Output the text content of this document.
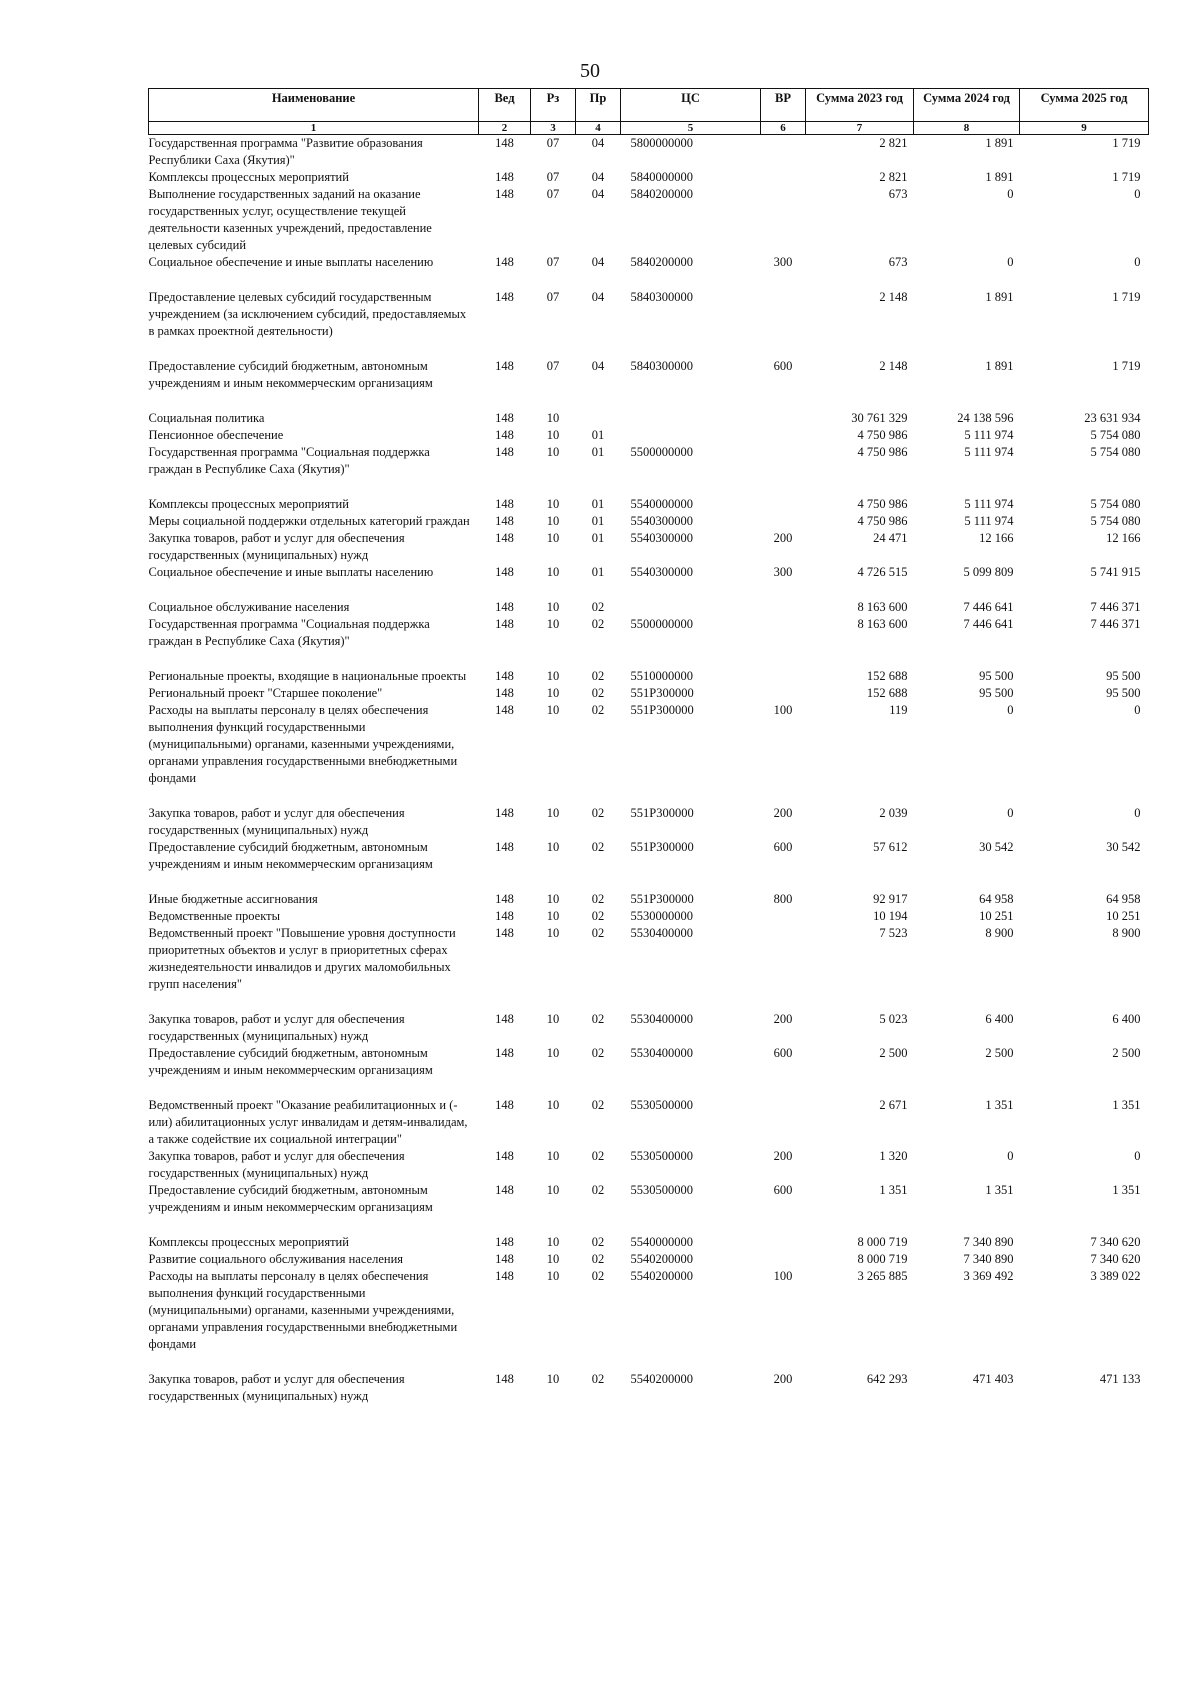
50
Наименование	Вед	Рз	Пр	ЦС	ВР	Сумма 2023 год	Сумма 2024 год	Сумма 2025 год
1	2	3	4	5	6	7	8	9
Государственная программа "Развитие образования Республики Саха (Якутия)"	148	07	04	5800000000		2 821	1 891	1 719
Комплексы процессных мероприятий	148	07	04	5840000000		2 821	1 891	1 719
Выполнение государственных заданий на оказание государственных услуг, осуществление текущей деятельности казенных учреждений, предоставление целевых субсидий	148	07	04	5840200000		673	0	0
Социальное обеспечение и иные выплаты населению	148	07	04	5840200000	300	673	0	0

Предоставление целевых субсидий государственным учреждением (за исключением субсидий, предоставляемых в рамках проектной деятельности)	148	07	04	5840300000		2 148	1 891	1 719

Предоставление субсидий бюджетным, автономным учреждениям и иным некоммерческим организациям	148	07	04	5840300000	600	2 148	1 891	1 719

Социальная политика	148	10				30 761 329	24 138 596	23 631 934
Пенсионное обеспечение	148	10	01			4 750 986	5 111 974	5 754 080
Государственная программа "Социальная поддержка граждан в Республике Саха (Якутия)"	148	10	01	5500000000		4 750 986	5 111 974	5 754 080

Комплексы процессных мероприятий	148	10	01	5540000000		4 750 986	5 111 974	5 754 080
Меры социальной поддержки отдельных категорий граждан	148	10	01	5540300000		4 750 986	5 111 974	5 754 080
Закупка товаров, работ и услуг для обеспечения государственных (муниципальных) нужд	148	10	01	5540300000	200	24 471	12 166	12 166
Социальное обеспечение и иные выплаты населению	148	10	01	5540300000	300	4 726 515	5 099 809	5 741 915

Социальное обслуживание населения	148	10	02			8 163 600	7 446 641	7 446 371
Государственная программа "Социальная поддержка граждан в Республике Саха (Якутия)"	148	10	02	5500000000		8 163 600	7 446 641	7 446 371

Региональные проекты, входящие в национальные проекты	148	10	02	5510000000		152 688	95 500	95 500
Региональный проект "Старшее поколение"	148	10	02	551P300000		152 688	95 500	95 500
Расходы на выплаты персоналу в целях обеспечения выполнения функций государственными (муниципальными) органами, казенными учреждениями, органами управления государственными внебюджетными фондами	148	10	02	551P300000	100	119	0	0

Закупка товаров, работ и услуг для обеспечения государственных (муниципальных) нужд	148	10	02	551P300000	200	2 039	0	0
Предоставление субсидий бюджетным, автономным учреждениям и иным некоммерческим организациям	148	10	02	551P300000	600	57 612	30 542	30 542

Иные бюджетные ассигнования	148	10	02	551P300000	800	92 917	64 958	64 958
Ведомственные проекты	148	10	02	5530000000		10 194	10 251	10 251
Ведомственный проект "Повышение уровня доступности приоритетных объектов и услуг в приоритетных сферах жизнедеятельности инвалидов и других маломобильных групп населения"	148	10	02	5530400000		7 523	8 900	8 900

Закупка товаров, работ и услуг для обеспечения государственных (муниципальных) нужд	148	10	02	5530400000	200	5 023	6 400	6 400
Предоставление субсидий бюджетным, автономным учреждениям и иным некоммерческим организациям	148	10	02	5530400000	600	2 500	2 500	2 500

Ведомственный проект "Оказание реабилитационных и (-или) абилитационных услуг инвалидам и детям-инвалидам, а также содействие их социальной интеграции"	148	10	02	5530500000		2 671	1 351	1 351
Закупка товаров, работ и услуг для обеспечения государственных (муниципальных) нужд	148	10	02	5530500000	200	1 320	0	0
Предоставление субсидий бюджетным, автономным учреждениям и иным некоммерческим организациям	148	10	02	5530500000	600	1 351	1 351	1 351

Комплексы процессных мероприятий	148	10	02	5540000000		8 000 719	7 340 890	7 340 620
Развитие социального обслуживания населения	148	10	02	5540200000		8 000 719	7 340 890	7 340 620
Расходы на выплаты персоналу в целях обеспечения выполнения функций государственными (муниципальными) органами, казенными учреждениями, органами управления государственными внебюджетными фондами	148	10	02	5540200000	100	3 265 885	3 369 492	3 389 022

Закупка товаров, работ и услуг для обеспечения государственных (муниципальных) нужд	148	10	02	5540200000	200	642 293	471 403	471 133
